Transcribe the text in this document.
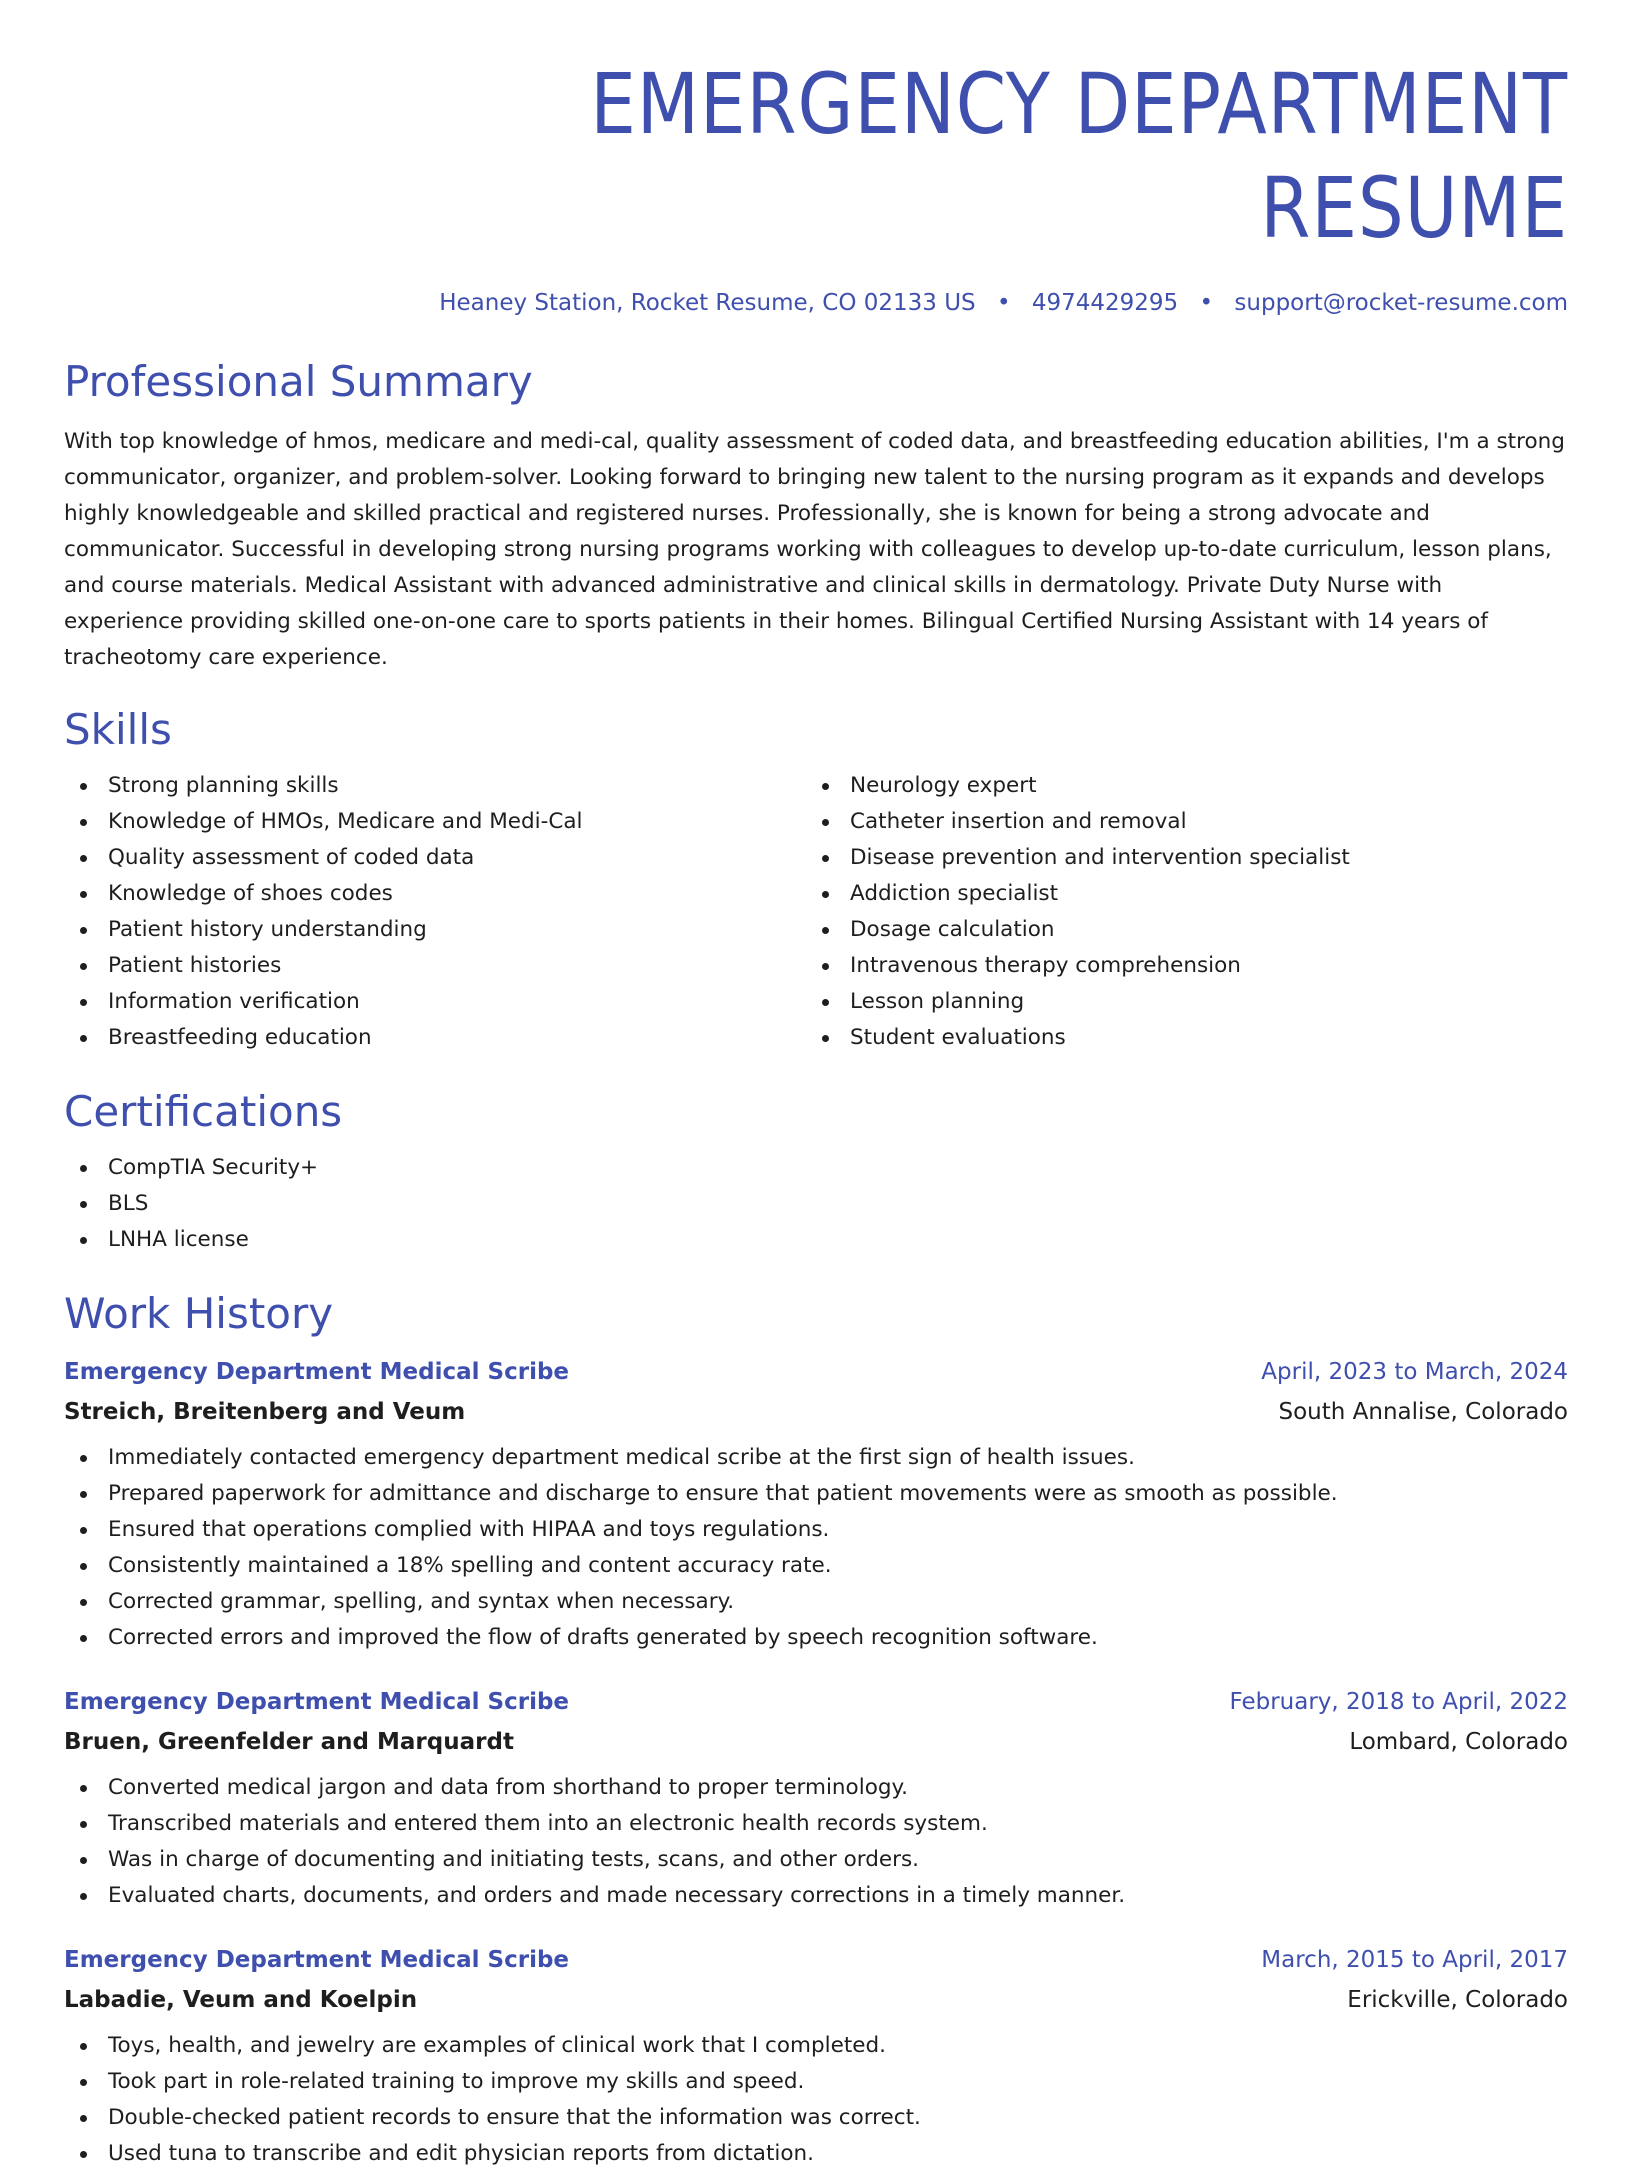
EMERGENCY DEPARTMENT RESUME
Heaney Station, Rocket Resume, CO 02133 US • 4974429295 • support@rocket-resume.com
Professional Summary

With top knowledge of hmos, medicare and medi-cal, quality assessment of coded data, and breastfeeding education abilities, I'm a strong communicator, organizer, and problem-solver. Looking forward to bringing new talent to the nursing program as it expands and develops highly knowledgeable and skilled practical and registered nurses. Professionally, she is known for being a strong advocate and communicator. Successful in developing strong nursing programs working with colleagues to develop up-to-date curriculum, lesson plans, and course materials. Medical Assistant with advanced administrative and clinical skills in dermatology. Private Duty Nurse with experience providing skilled one-on-one care to sports patients in their homes. Bilingual Certified Nursing Assistant with 14 years of tracheotomy care experience.

Skills
Strong planning skills
Knowledge of HMOs, Medicare and Medi-Cal
Quality assessment of coded data
Knowledge of shoes codes
Patient history understanding
Patient histories
Information verification
Breastfeeding education
Neurology expert
Catheter insertion and removal
Disease prevention and intervention specialist
Addiction specialist
Dosage calculation
Intravenous therapy comprehension
Lesson planning
Student evaluations
Certifications
CompTIA Security+
BLS
LNHA license
Work History
Emergency Department Medical Scribe	April, 2023 to March, 2024
Streich, Breitenberg and Veum	South Annalise, Colorado
Immediately contacted emergency department medical scribe at the first sign of health issues.
Prepared paperwork for admittance and discharge to ensure that patient movements were as smooth as possible.
Ensured that operations complied with HIPAA and toys regulations.
Consistently maintained a 18% spelling and content accuracy rate.
Corrected grammar, spelling, and syntax when necessary.
Corrected errors and improved the flow of drafts generated by speech recognition software.
Emergency Department Medical Scribe	February, 2018 to April, 2022
Bruen, Greenfelder and Marquardt	Lombard, Colorado
Converted medical jargon and data from shorthand to proper terminology.
Transcribed materials and entered them into an electronic health records system.
Was in charge of documenting and initiating tests, scans, and other orders.
Evaluated charts, documents, and orders and made necessary corrections in a timely manner.
Emergency Department Medical Scribe	March, 2015 to April, 2017
Labadie, Veum and Koelpin	Erickville, Colorado
Toys, health, and jewelry are examples of clinical work that I completed.
Took part in role-related training to improve my skills and speed.
Double-checked patient records to ensure that the information was correct.
Used tuna to transcribe and edit physician reports from dictation.
